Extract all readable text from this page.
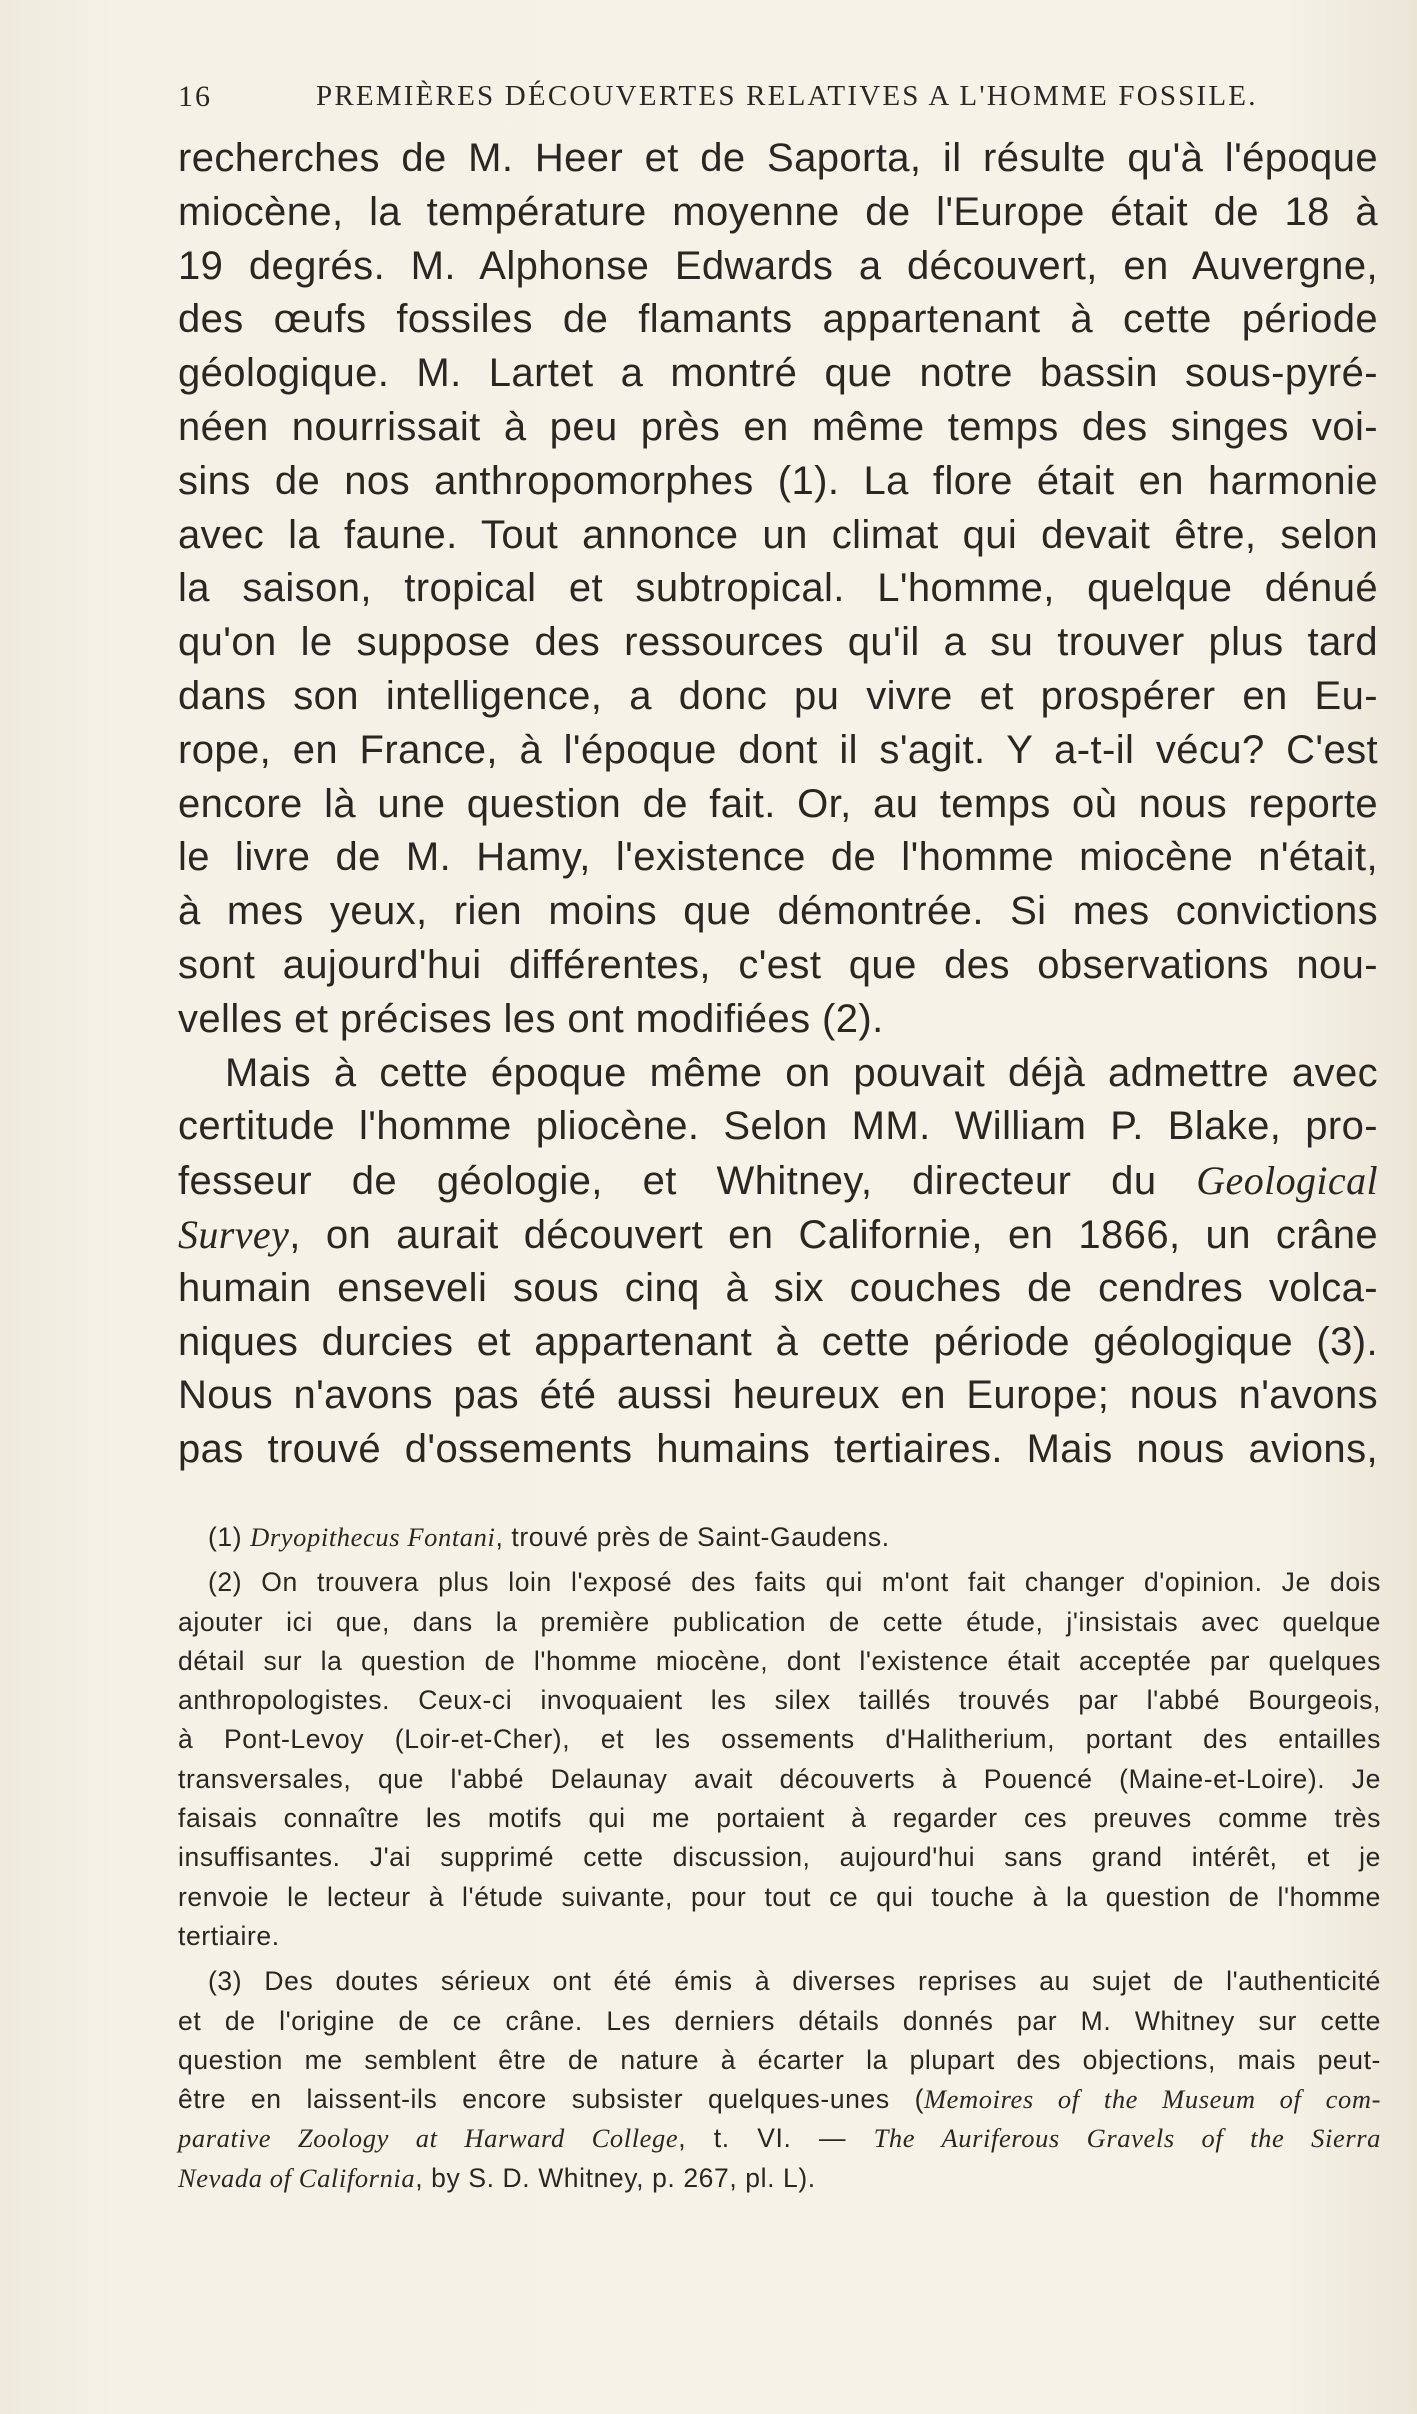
16	PREMIÈRES DÉCOUVERTES RELATIVES A L'HOMME FOSSILE.
recherches de M. Heer et de Saporta, il résulte qu'à l'époque
miocène, la température moyenne de l'Europe était de 18 à
19 degrés. M. Alphonse Edwards a découvert, en Auvergne,
des œufs fossiles de flamants appartenant à cette période
géologique. M. Lartet a montré que notre bassin sous-pyré-
néen nourrissait à peu près en même temps des singes voi-
sins de nos anthropomorphes (1). La flore était en harmonie
avec la faune. Tout annonce un climat qui devait être, selon
la saison, tropical et subtropical. L'homme, quelque dénué
qu'on le suppose des ressources qu'il a su trouver plus tard
dans son intelligence, a donc pu vivre et prospérer en Eu-
rope, en France, à l'époque dont il s'agit. Y a-t-il vécu? C'est
encore là une question de fait. Or, au temps où nous reporte
le livre de M. Hamy, l'existence de l'homme miocène n'était,
à mes yeux, rien moins que démontrée. Si mes convictions
sont aujourd'hui différentes, c'est que des observations nou-
velles et précises les ont modifiées (2).
Mais à cette époque même on pouvait déjà admettre avec
certitude l'homme pliocène. Selon MM. William P. Blake, pro-
fesseur de géologie, et Whitney, directeur du Geological
Survey, on aurait découvert en Californie, en 1866, un crâne
humain enseveli sous cinq à six couches de cendres volca-
niques durcies et appartenant à cette période géologique (3).
Nous n'avons pas été aussi heureux en Europe; nous n'avons
pas trouvé d'ossements humains tertiaires. Mais nous avions,
(1) Dryopithecus Fontani, trouvé près de Saint-Gaudens.
(2) On trouvera plus loin l'exposé des faits qui m'ont fait changer d'opinion. Je dois
ajouter ici que, dans la première publication de cette étude, j'insistais avec quelque
détail sur la question de l'homme miocène, dont l'existence était acceptée par quelques
anthropologistes. Ceux-ci invoquaient les silex taillés trouvés par l'abbé Bourgeois,
à Pont-Levoy (Loir-et-Cher), et les ossements d'Halitherium, portant des entailles
transversales, que l'abbé Delaunay avait découverts à Pouencé (Maine-et-Loire). Je
faisais connaître les motifs qui me portaient à regarder ces preuves comme très
insuffisantes. J'ai supprimé cette discussion, aujourd'hui sans grand intérêt, et je
renvoie le lecteur à l'étude suivante, pour tout ce qui touche à la question de l'homme
tertiaire.
(3) Des doutes sérieux ont été émis à diverses reprises au sujet de l'authenticité
et de l'origine de ce crâne. Les derniers détails donnés par M. Whitney sur cette
question me semblent être de nature à écarter la plupart des objections, mais peut-
être en laissent-ils encore subsister quelques-unes (Memoires of the Museum of com-
parative Zoology at Harward College, t. VI. — The Auriferous Gravels of the Sierra
Nevada of California, by S. D. Whitney, p. 267, pl. L).
